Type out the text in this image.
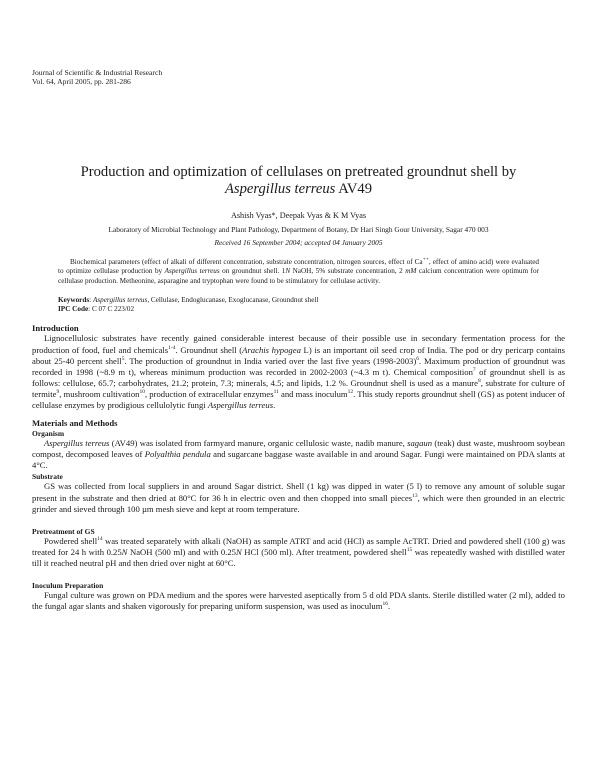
Journal of Scientific & Industrial Research
Vol. 64, April 2005, pp. 281-286
Production and optimization of cellulases on pretreated groundnut shell by
Aspergillus terreus AV49
Ashish Vyas*, Deepak Vyas & K M Vyas
Laboratory of Microbial Technology and Plant Pathology, Department of Botany, Dr Hari Singh Gour University, Sagar 470 003
Received 16 September 2004; accepted 04 January 2005
Biochemical parameters (effect of alkali of different concentration, substrate concentration, nitrogen sources, effect of Ca++, effect of amino acid) were evaluated to optimize cellulase production by Aspergillus terreus on groundnut shell. 1N NaOH, 5% substrate concentration, 2 mM calcium concentration were optimum for cellulase production. Metheonine, asparagine and tryptophan were found to be stimulatory for cellulase activity.
Keywords: Aspergillus terreus, Cellulase, Endoglucanase, Exoglucanase, Groundnut shell
IPC Code: C 07 C 223/02
Introduction

Lignocellulosic substrates have recently gained considerable interest because of their possible use in secondary fermentation process for the production of food, fuel and chemicals$^{1-4}$. Groundnut shell (Arachis hypogea L) is an important oil seed crop of India. The pod or dry pericarp contains about 25-40 percent shell$^5$. The production of groundnut in India varied over the last five years (1998-2003)$^6$. Maximum production of groundnut was recorded in 1998 (~8.9 m t), whereas minimum production was recorded in 2002-2003 (~4.3 m t). Chemical composition$^7$ of groundnut shell is as follows: cellulose, 65.7; carbohydrates, 21.2; protein, 7.3; minerals, 4.5; and lipids, 1.2 %. Groundnut shell is used as a manure$^8$, substrate for culture of termite$^9$, mushroom cultivation$^{10}$, production of extracellular enzymes$^{11}$ and mass inoculum$^{12}$. This study reports groundnut shell (GS) as potent inducer of cellulase enzymes by prodigious cellulolytic fungi Aspergillus terreus.

Materials and Methods
Organism

Aspergillus terreus (AV49) was isolated from farmyard manure, organic cellulosic waste, nadib manure, sagaun (teak) dust waste, mushroom soybean compost, decomposed leaves of Polyalthia pendula and sugarcane baggase waste available in and around Sagar. Fungi were maintained on PDA slants at 4°C.

Substrate

GS was collected from local suppliers in and around Sagar district. Shell (1 kg) was dipped in water (5 l) to remove any amount of soluble sugar present in the substrate and then dried at 80°C for 36 h in electric oven and then chopped into small pieces$^{13}$, which were then grounded in an electric grinder and sieved through 100 µm mesh sieve and kept at room temperature.

Pretreatment of GS

Powdered shell$^{14}$ was treated separately with alkali (NaOH) as sample ATRT and acid (HCl) as sample AcTRT. Dried and powdered shell (100 g) was treated for 24 h with 0.25N NaOH (500 ml) and with 0.25N HCl (500 ml). After treatment, powdered shell$^{15}$ was repeatedly washed with distilled water till it reached neutral pH and then dried over night at 60°C.

Inoculum Preparation

Fungal culture was grown on PDA medium and the spores were harvested aseptically from 5 d old PDA slants. Sterile distilled water (2 ml), added to the fungal agar slants and shaken vigorously for preparing uniform suspension, was used as inoculum$^{16}$.
